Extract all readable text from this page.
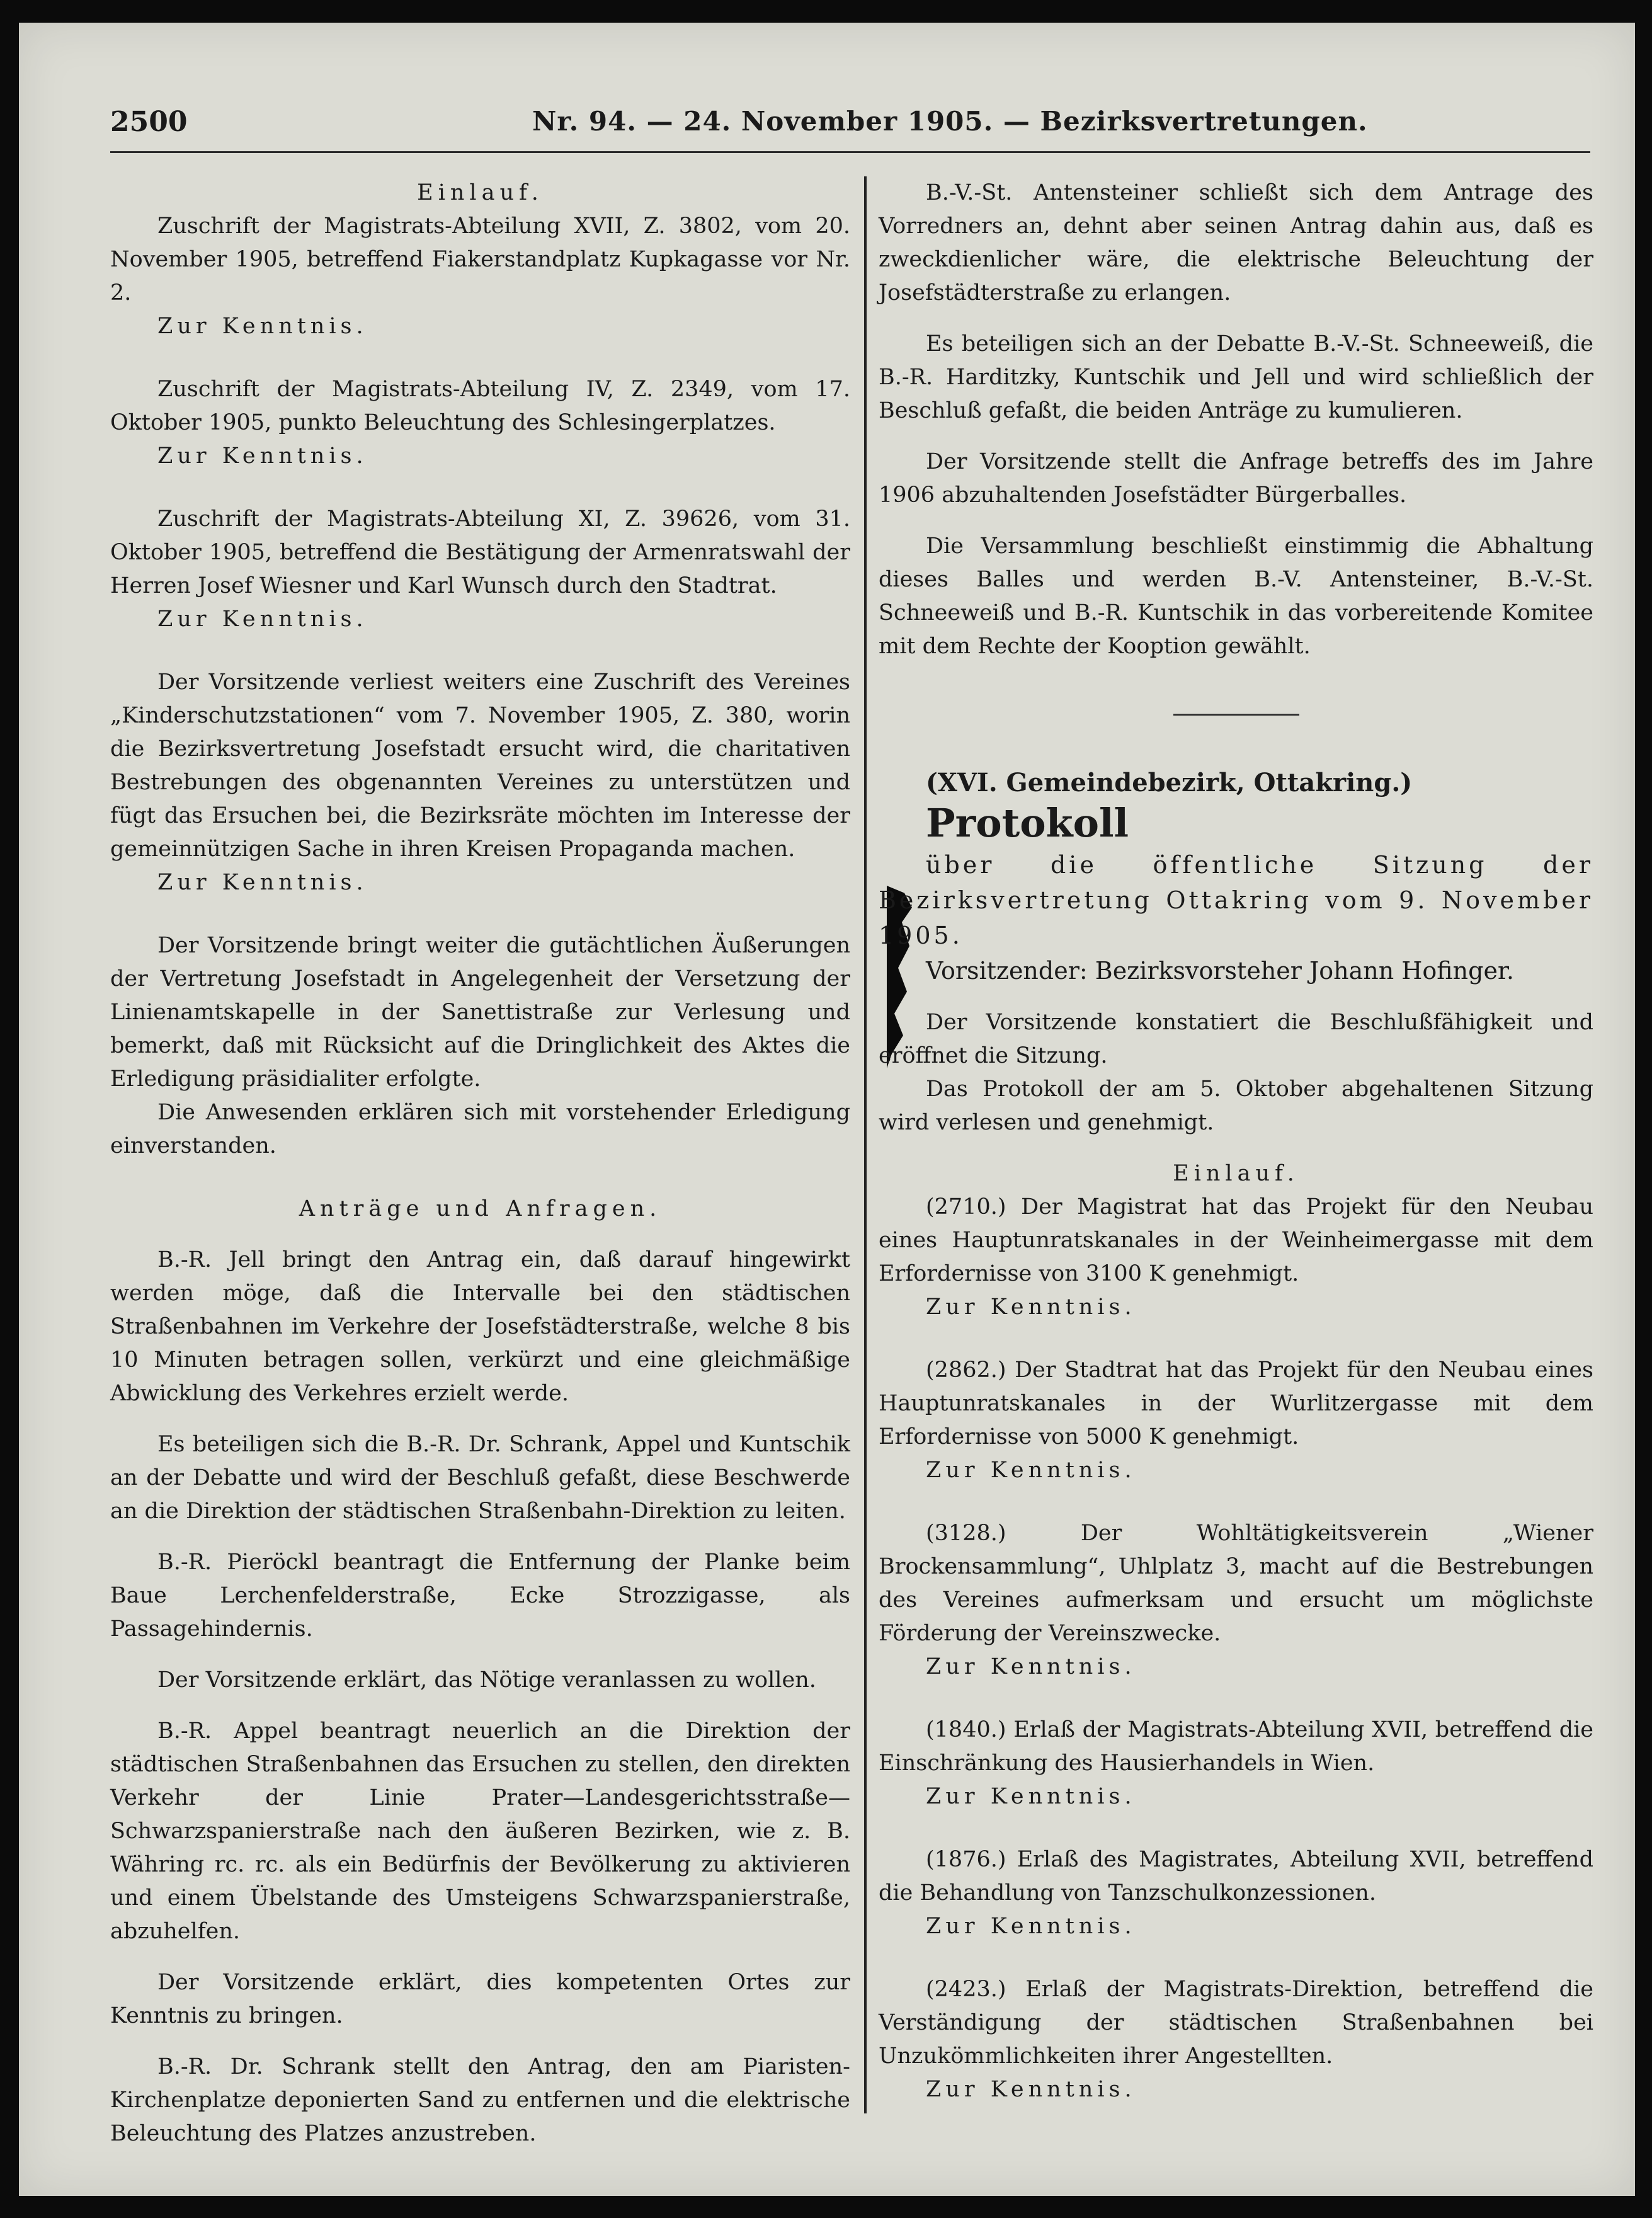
2500	Nr. 94. — 24. November 1905. — Bezirksvertretungen.

Einlauf.

Zuschrift der Magistrats-Abteilung XVII, Z. 3802, vom 20. November 1905, betreffend Fiakerstandplatz Kupkagasse vor Nr. 2.

Zur Kenntnis.

Zuschrift der Magistrats-Abteilung IV, Z. 2349, vom 17. Oktober 1905, punkto Beleuchtung des Schlesingerplatzes.

Zur Kenntnis.

Zuschrift der Magistrats-Abteilung XI, Z. 39626, vom 31. Oktober 1905, betreffend die Bestätigung der Armenratswahl der Herren Josef Wiesner und Karl Wunsch durch den Stadtrat.

Zur Kenntnis.

Der Vorsitzende verliest weiters eine Zuschrift des Vereines „Kinderschutzstationen“ vom 7. November 1905, Z. 380, worin die Bezirksvertretung Josefstadt ersucht wird, die charitativen Bestrebungen des obgenannten Vereines zu unterstützen und fügt das Ersuchen bei, die Bezirksräte möchten im Interesse der gemeinnützigen Sache in ihren Kreisen Propaganda machen.

Zur Kenntnis.

Der Vorsitzende bringt weiter die gutächtlichen Äußerungen der Vertretung Josefstadt in Angelegenheit der Versetzung der Linienamtskapelle in der Sanettistraße zur Verlesung und bemerkt, daß mit Rücksicht auf die Dringlichkeit des Aktes die Erledigung präsidialiter erfolgte.

Die Anwesenden erklären sich mit vorstehender Erledigung einverstanden.

Anträge und Anfragen.

B.-R. Jell bringt den Antrag ein, daß darauf hingewirkt werden möge, daß die Intervalle bei den städtischen Straßenbahnen im Verkehre der Josefstädterstraße, welche 8 bis 10 Minuten betragen sollen, verkürzt und eine gleichmäßige Abwicklung des Verkehres erzielt werde.

Es beteiligen sich die B.-R. Dr. Schrank, Appel und Kuntschik an der Debatte und wird der Beschluß gefaßt, diese Beschwerde an die Direktion der städtischen Straßenbahn-Direktion zu leiten.

B.-R. Pieröckl beantragt die Entfernung der Planke beim Baue Lerchenfelderstraße, Ecke Strozzigasse, als Passagehindernis.

Der Vorsitzende erklärt, das Nötige veranlassen zu wollen.

B.-R. Appel beantragt neuerlich an die Direktion der städtischen Straßenbahnen das Ersuchen zu stellen, den direkten Verkehr der Linie Prater—Landesgerichtsstraße—Schwarzspanierstraße nach den äußeren Bezirken, wie z. B. Währing rc. rc. als ein Bedürfnis der Bevölkerung zu aktivieren und einem Übelstande des Umsteigens Schwarzspanierstraße, abzuhelfen.

Der Vorsitzende erklärt, dies kompetenten Ortes zur Kenntnis zu bringen.

B.-R. Dr. Schrank stellt den Antrag, den am Piaristen-Kirchenplatze deponierten Sand zu entfernen und die elektrische Beleuchtung des Platzes anzustreben.

B.-V.-St. Antensteiner schließt sich dem Antrage des Vorredners an, dehnt aber seinen Antrag dahin aus, daß es zweckdienlicher wäre, die elektrische Beleuchtung der Josefstädterstraße zu erlangen.

Es beteiligen sich an der Debatte B.-V.-St. Schneeweiß, die B.-R. Harditzky, Kuntschik und Jell und wird schließlich der Beschluß gefaßt, die beiden Anträge zu kumulieren.

Der Vorsitzende stellt die Anfrage betreffs des im Jahre 1906 abzuhaltenden Josefstädter Bürgerballes.

Die Versammlung beschließt einstimmig die Abhaltung dieses Balles und werden B.-V. Antensteiner, B.-V.-St. Schneeweiß und B.-R. Kuntschik in das vorbereitende Komitee mit dem Rechte der Kooption gewählt.

(XVI. Gemeindebezirk, Ottakring.)

Protokoll

über die öffentliche Sitzung der Bezirksvertretung Ottakring vom 9. November 1905.

Vorsitzender: Bezirksvorsteher Johann Hofinger.

Der Vorsitzende konstatiert die Beschlußfähigkeit und eröffnet die Sitzung.

Das Protokoll der am 5. Oktober abgehaltenen Sitzung wird verlesen und genehmigt.

Einlauf.

(2710.) Der Magistrat hat das Projekt für den Neubau eines Hauptunratskanales in der Weinheimergasse mit dem Erfordernisse von 3100 K genehmigt.

Zur Kenntnis.

(2862.) Der Stadtrat hat das Projekt für den Neubau eines Hauptunratskanales in der Wurlitzergasse mit dem Erfordernisse von 5000 K genehmigt.

Zur Kenntnis.

(3128.) Der Wohltätigkeitsverein „Wiener Brockensammlung“, Uhlplatz 3, macht auf die Bestrebungen des Vereines aufmerksam und ersucht um möglichste Förderung der Vereinszwecke.

Zur Kenntnis.

(1840.) Erlaß der Magistrats-Abteilung XVII, betreffend die Einschränkung des Hausierhandels in Wien.

Zur Kenntnis.

(1876.) Erlaß des Magistrates, Abteilung XVII, betreffend die Behandlung von Tanzschulkonzessionen.

Zur Kenntnis.

(2423.) Erlaß der Magistrats-Direktion, betreffend die Verständigung der städtischen Straßenbahnen bei Unzukömmlichkeiten ihrer Angestellten.

Zur Kenntnis.
